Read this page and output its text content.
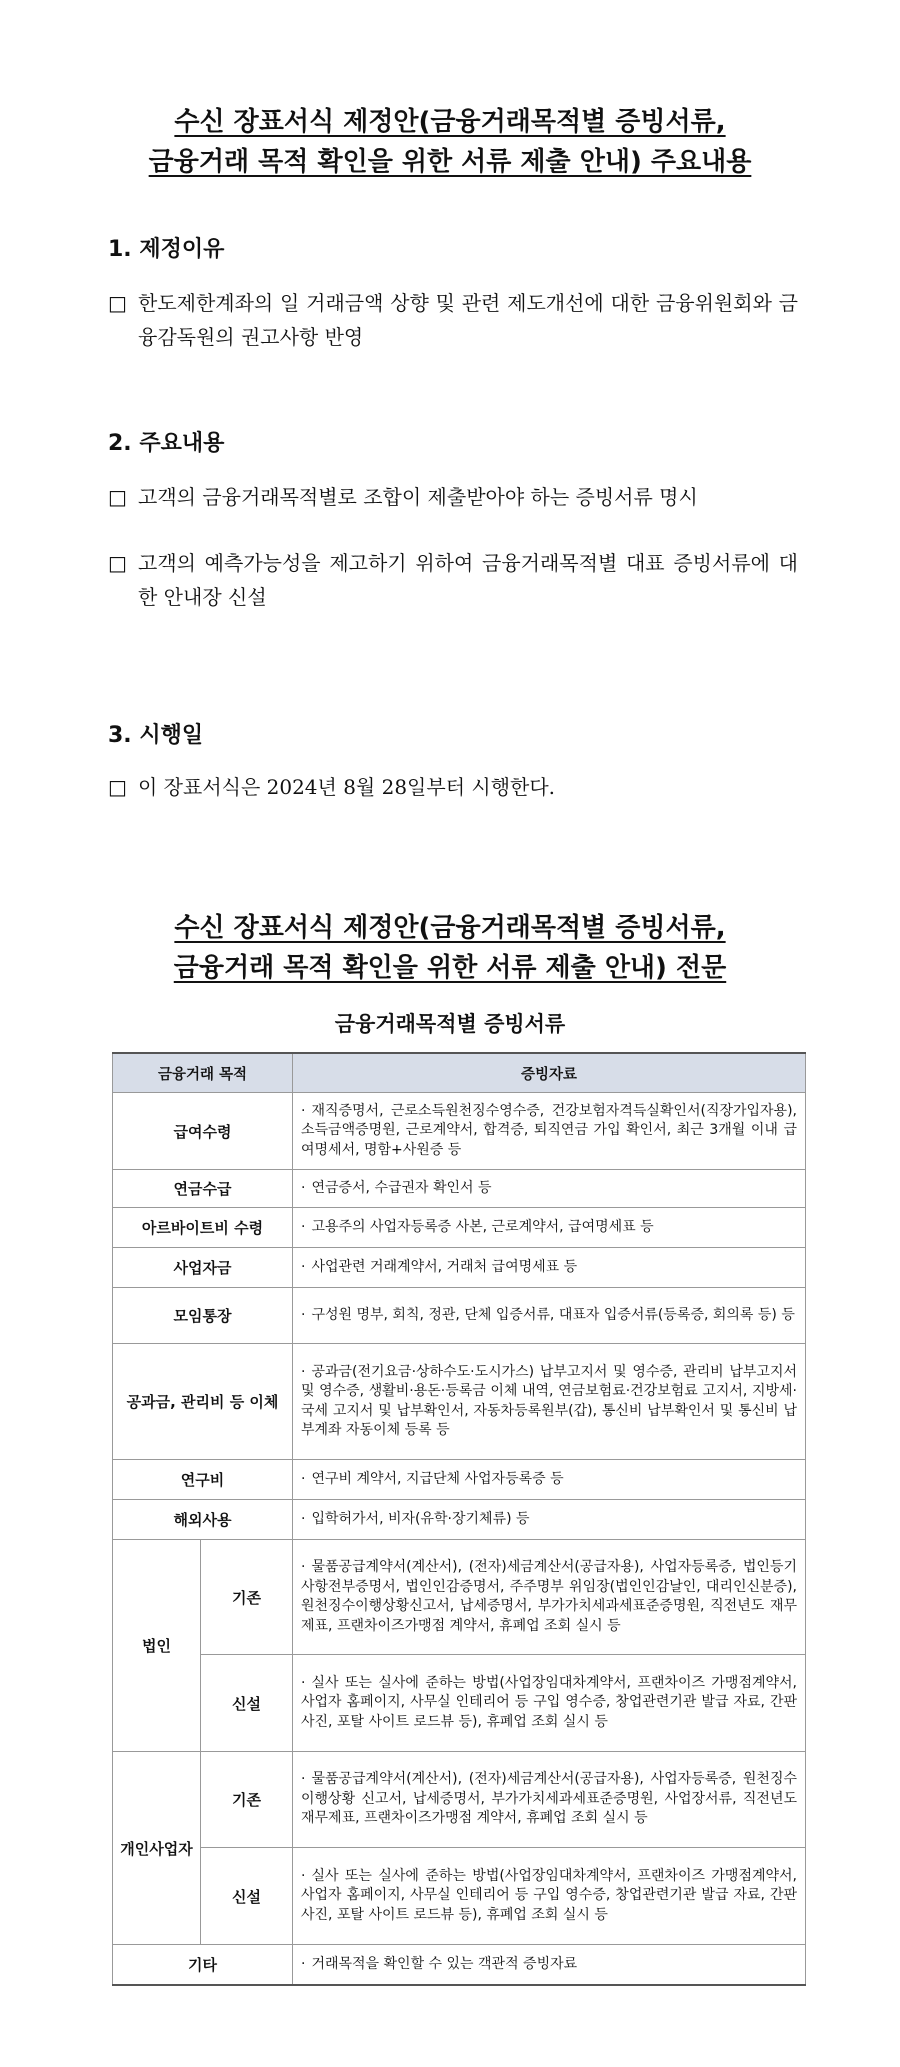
수신 장표서식 제정안(금융거래목적별 증빙서류,
금융거래 목적 확인을 위한 서류 제출 안내) 주요내용
1. 제정이유
□ 한도제한계좌의 일 거래금액 상향 및 관련 제도개선에 대한 금융위원회와 금융감독원의 권고사항 반영
2. 주요내용
□ 고객의 금융거래목적별로 조합이 제출받아야 하는 증빙서류 명시
□ 고객의 예측가능성을 제고하기 위하여 금융거래목적별 대표 증빙서류에 대한 안내장 신설
3. 시행일
□ 이 장표서식은 2024년 8월 28일부터 시행한다.
수신 장표서식 제정안(금융거래목적별 증빙서류,
금융거래 목적 확인을 위한 서류 제출 안내) 전문
금융거래목적별 증빙서류
금융거래 목적		증빙자료
급여수령		· 재직증명서, 근로소득원천징수영수증, 건강보험자격득실확인서(직장가입자용), 소득금액증명원, 근로계약서, 합격증, 퇴직연금 가입 확인서, 최근 3개월 이내 급여명세서, 명함+사원증 등
연금수급		· 연금증서, 수급권자 확인서 등
아르바이트비 수령		· 고용주의 사업자등록증 사본, 근로계약서, 급여명세표 등
사업자금		· 사업관련 거래계약서, 거래처 급여명세표 등
모임통장		· 구성원 명부, 회칙, 정관, 단체 입증서류, 대표자 입증서류(등록증, 회의록 등) 등
공과금, 관리비 등 이체		· 공과금(전기요금·상하수도·도시가스) 납부고지서 및 영수증, 관리비 납부고지서 및 영수증, 생활비·용돈·등록금 이체 내역, 연금보험료·건강보험료 고지서, 지방세·국세 고지서 및 납부확인서, 자동차등록원부(갑), 통신비 납부확인서 및 통신비 납부계좌 자동이체 등록 등
연구비		· 연구비 계약서, 지급단체 사업자등록증 등
해외사용		· 입학허가서, 비자(유학·장기체류) 등
법인	기존	· 물품공급계약서(계산서), (전자)세금계산서(공급자용), 사업자등록증, 법인등기사항전부증명서, 법인인감증명서, 주주명부 위임장(법인인감날인, 대리인신분증), 원천징수이행상황신고서, 납세증명서, 부가가치세과세표준증명원, 직전년도 재무제표, 프랜차이즈가맹점 계약서, 휴폐업 조회 실시 등
	신설	· 실사 또는 실사에 준하는 방법(사업장임대차계약서, 프랜차이즈 가맹점계약서, 사업자 홈페이지, 사무실 인테리어 등 구입 영수증, 창업관련기관 발급 자료, 간판사진, 포탈 사이트 로드뷰 등), 휴폐업 조회 실시 등
개인사업자	기존	· 물품공급계약서(계산서), (전자)세금계산서(공급자용), 사업자등록증, 원천징수이행상황 신고서, 납세증명서, 부가가치세과세표준증명원, 사업장서류, 직전년도 재무제표, 프랜차이즈가맹점 계약서, 휴폐업 조회 실시 등
	신설	· 실사 또는 실사에 준하는 방법(사업장임대차계약서, 프랜차이즈 가맹점계약서, 사업자 홈페이지, 사무실 인테리어 등 구입 영수증, 창업관련기관 발급 자료, 간판사진, 포탈 사이트 로드뷰 등), 휴폐업 조회 실시 등
기타		· 거래목적을 확인할 수 있는 객관적 증빙자료
